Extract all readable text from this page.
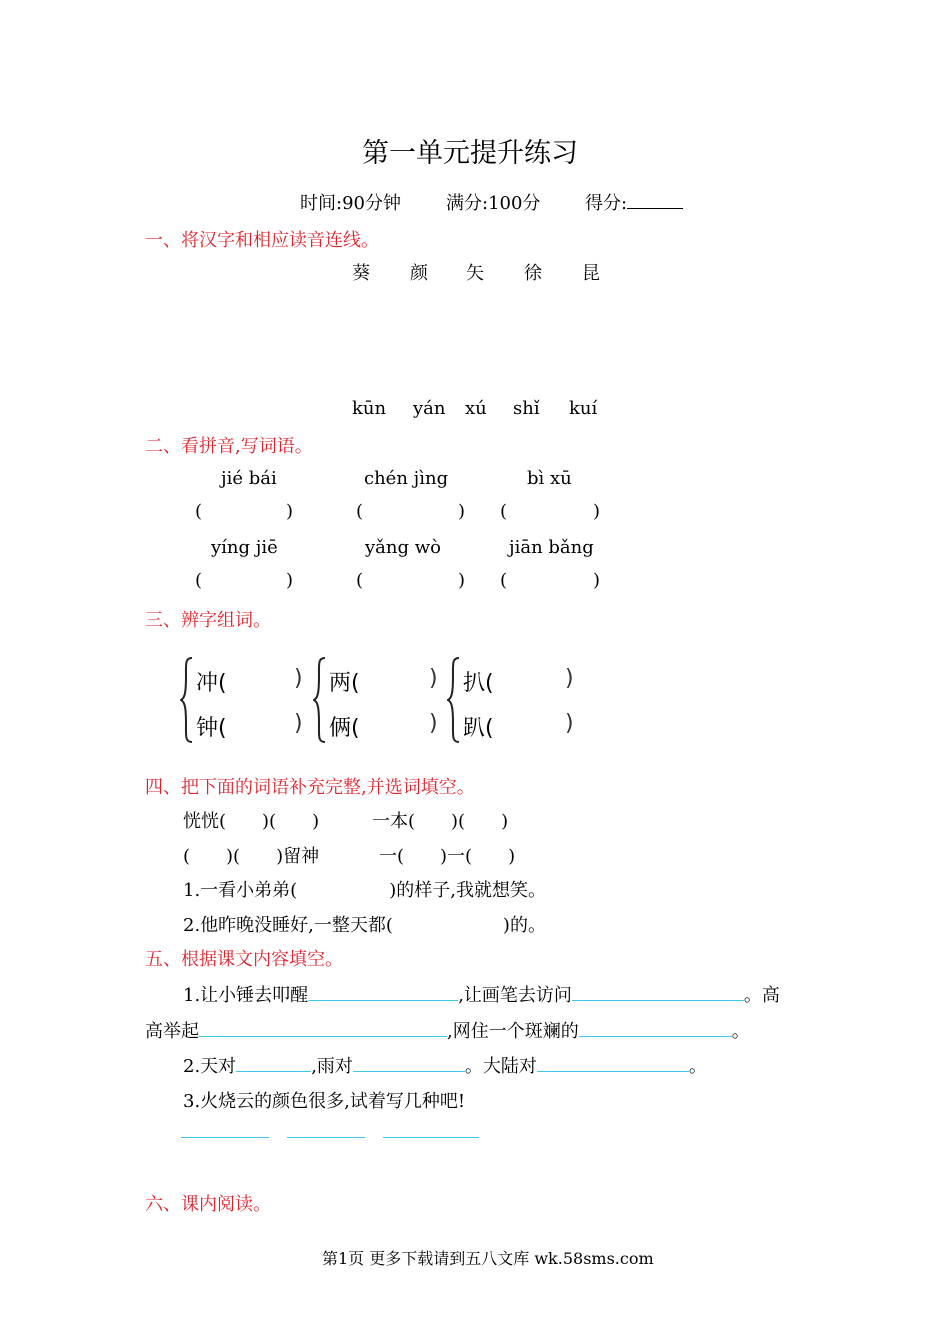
第一单元提升练习
时间:90分钟	满分:100分 得分:
一、将汉字和相应读音连线。
葵 颜 矢 徐 昆
kūn yán xú shǐ kuí
二、看拼音,写词语。
jié bái	chén jìng	bì xū
(	)	(	) (	)
yíng jiē	yǎng wò	jiān bǎng
(	)	(	) (	)
三、辨字组词。
冲(	)
钟(	)
两(	)
俩(	)
扒(	)
趴(	)
四、把下面的词语补充完整,并选词填空。
恍恍(　　)(　　)	一本(　　)(　　)
(　　)(　　)留神	一(　　)一(　　)
1.一看小弟弟(	)的样子,我就想笑。
2.他昨晚没睡好,一整天都(	)的。
五、根据课文内容填空。
1.让小锤去叩醒	,让画笔去访问	。高
高举起	,网住一个斑斓的	。
2.天对	,雨对	。大陆对	。
3.火烧云的颜色很多,试着写几种吧!
六、课内阅读。
第1页 更多下载请到五八文库 wk.58sms.com
